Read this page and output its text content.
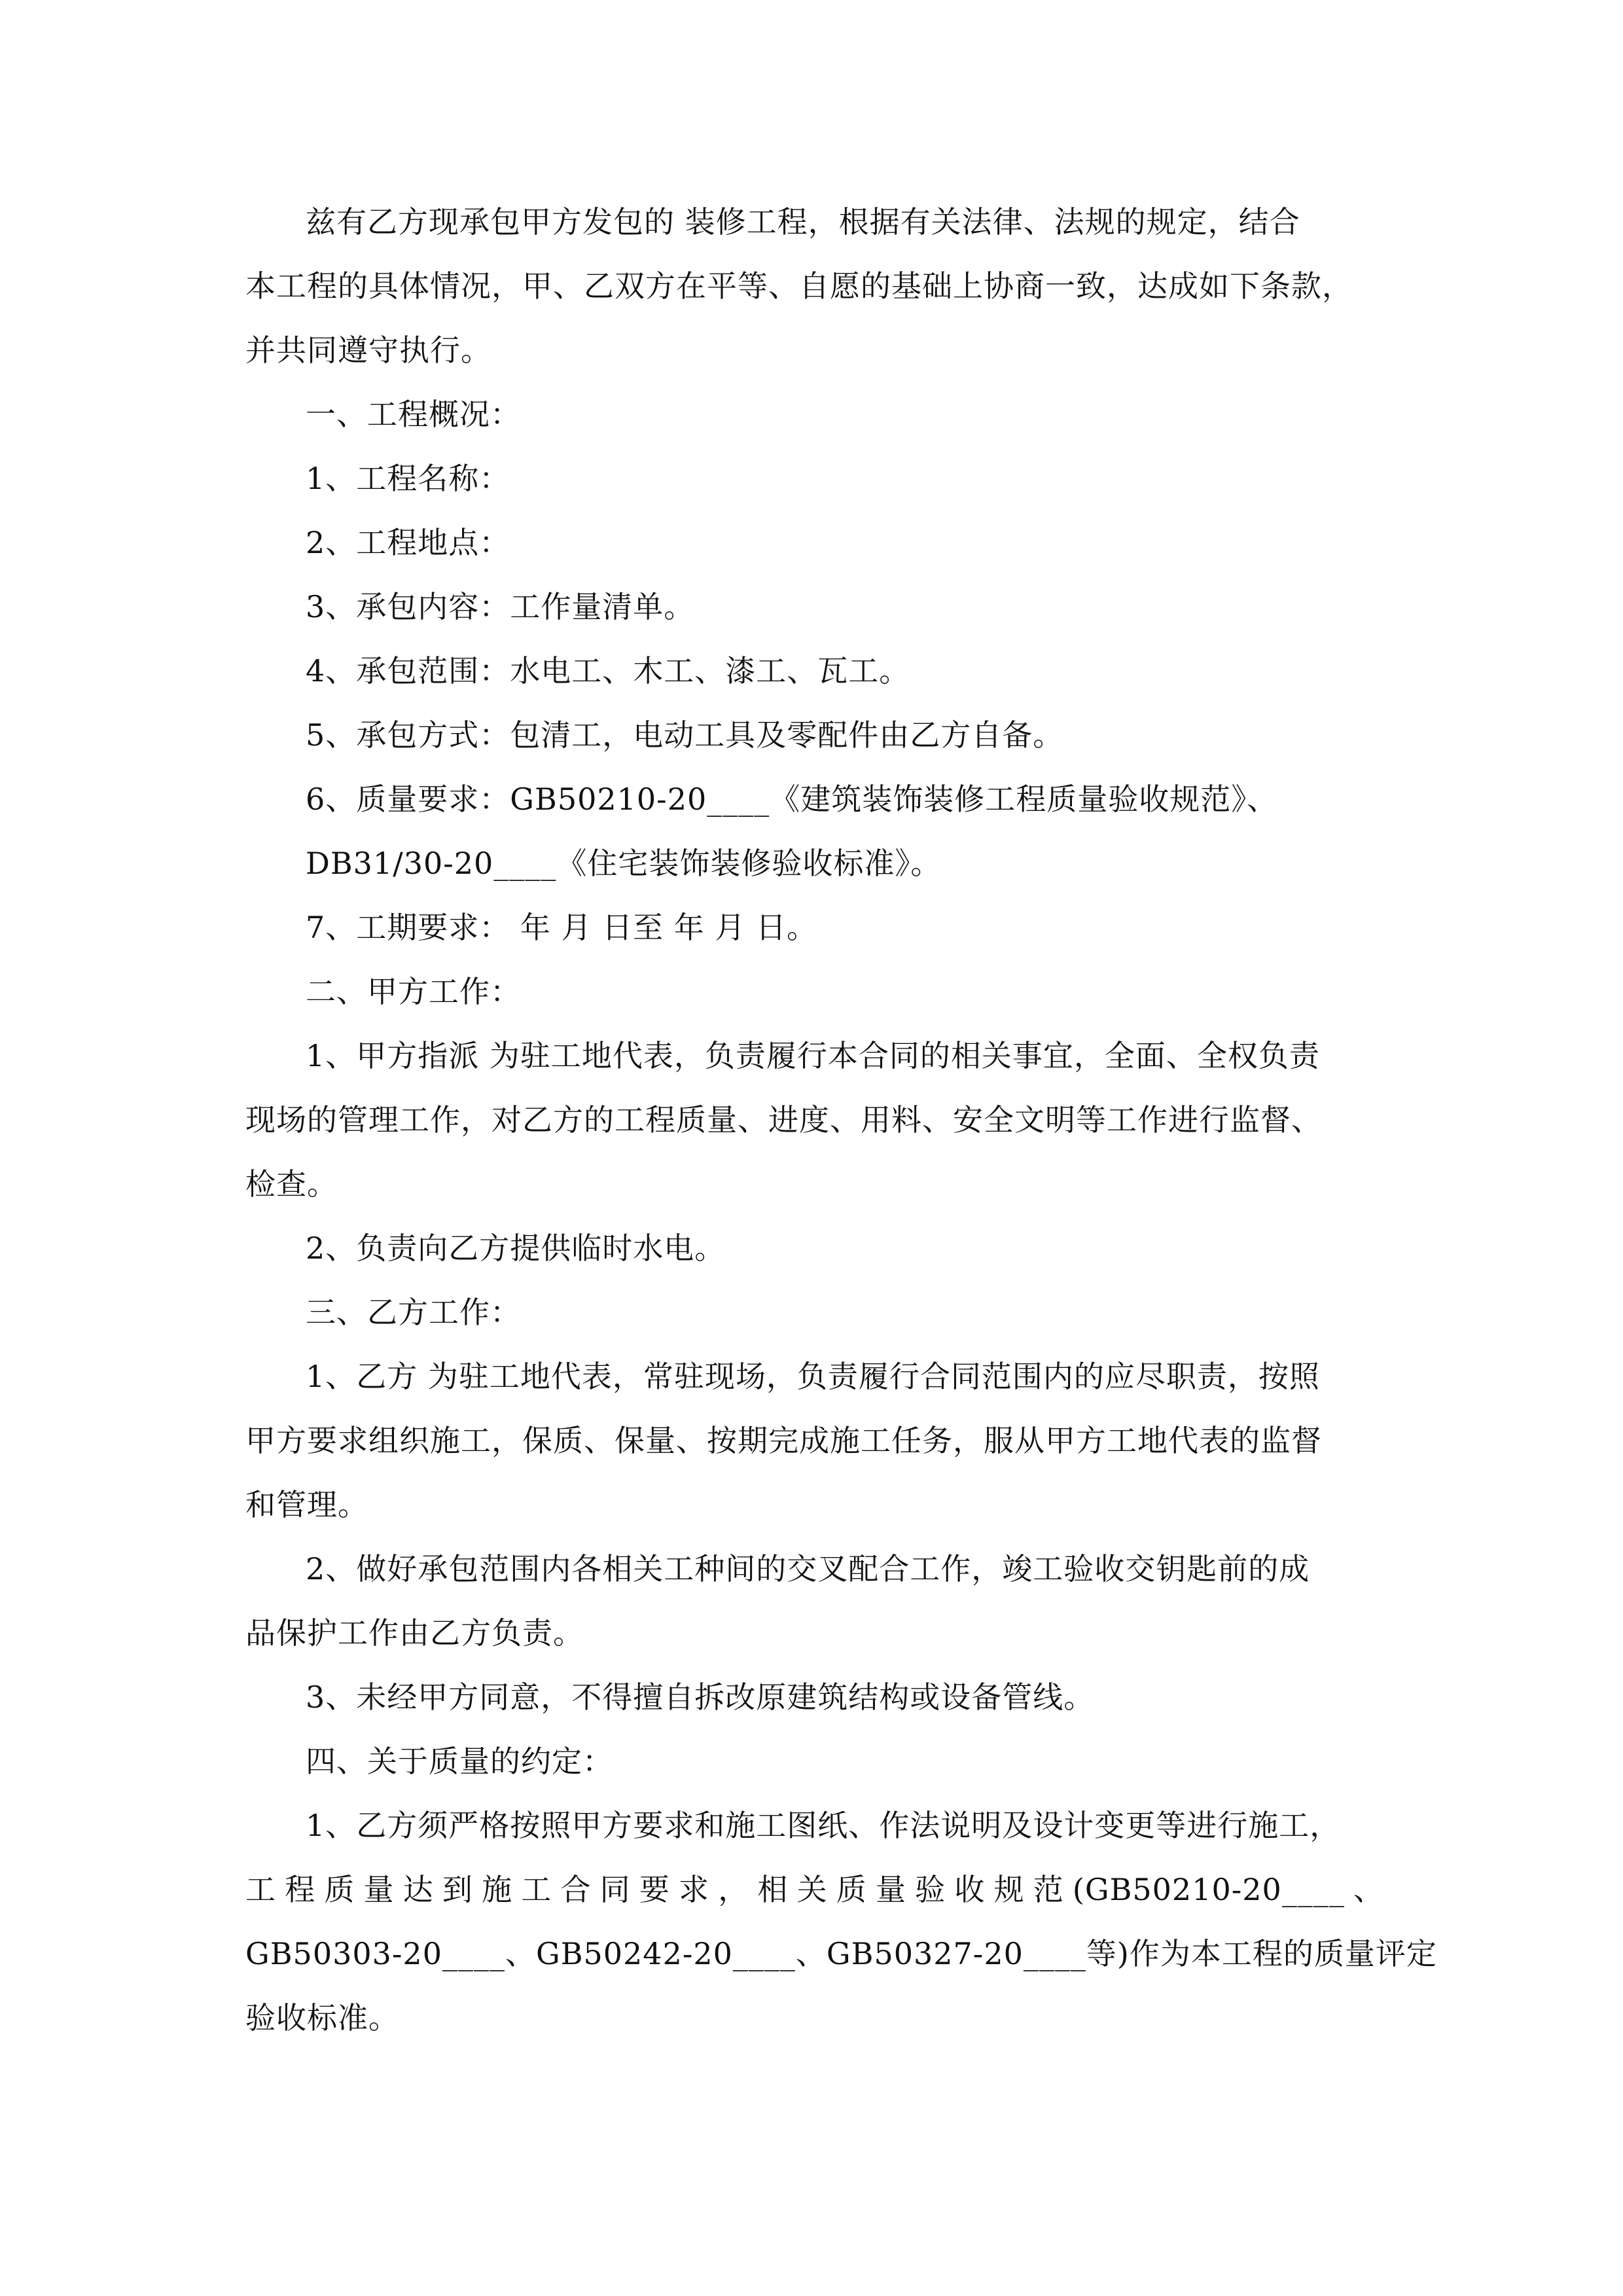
兹有乙方现承包甲方发包的 装修工程，根据有关法律、法规的规定，结合
本工程的具体情况，甲、乙双方在平等、自愿的基础上协商一致，达成如下条款，
并共同遵守执行。
一、工程概况：
1、工程名称：
2、工程地点：
3、承包内容：工作量清单。
4、承包范围：水电工、木工、漆工、瓦工。
5、承包方式：包清工，电动工具及零配件由乙方自备。
6、质量要求：GB50210-20____《建筑装饰装修工程质量验收规范》、
DB31/30-20____《住宅装饰装修验收标准》。
7、工期要求： 年 月 日至 年 月 日。
二、甲方工作：
1、甲方指派 为驻工地代表，负责履行本合同的相关事宜，全面、全权负责
现场的管理工作，对乙方的工程质量、进度、用料、安全文明等工作进行监督、
检查。
2、负责向乙方提供临时水电。
三、乙方工作：
1、乙方 为驻工地代表，常驻现场，负责履行合同范围内的应尽职责，按照
甲方要求组织施工，保质、保量、按期完成施工任务，服从甲方工地代表的监督
和管理。
2、做好承包范围内各相关工种间的交叉配合工作，竣工验收交钥匙前的成
品保护工作由乙方负责。
3、未经甲方同意，不得擅自拆改原建筑结构或设备管线。
四、关于质量的约定：
1、乙方须严格按照甲方要求和施工图纸、作法说明及设计变更等进行施工，
工程质量达到施工合同要求，相关质量验收规范(GB50210-20____、
GB50303-20____、GB50242-20____、GB50327-20____等)作为本工程的质量评定
验收标准。
